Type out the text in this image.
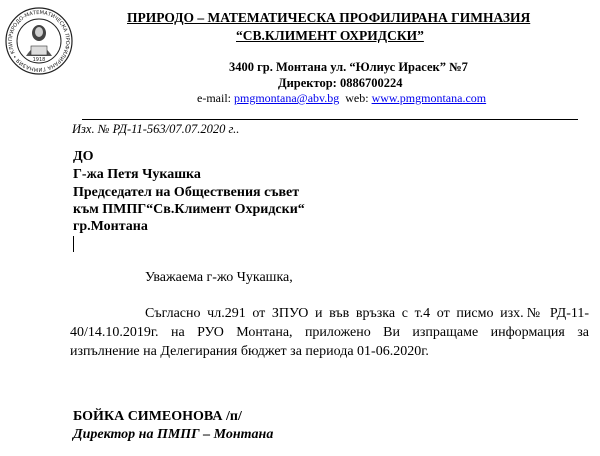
ПРИРОДО-МАТЕМАТИЧЕСКА ПРОФИЛИРАНА ГИМНАЗИЯ • КЛИ
1918
ПРИРОДО – МАТЕМАТИЧЕСКА ПРОФИЛИРАНА ГИМНАЗИЯ
“СВ.КЛИМЕНТ ОХРИДСКИ”
3400 гр. Монтана ул. “Юлиус Ирасек” №7
Директор: 0886700224
e-mail: pmgmontana@abv.bg  web: www.pmgmontana.com
Изх. № РД-11-563/07.07.2020 г..
ДО
Г-жа Петя Чукашка
Председател на Обществения съвет
към ПМПГ“Св.Климент Охридски“
гр.Монтана
Уважаема г-жо Чукашка,
Съгласно чл.291 от ЗПУО и във връзка с т.4 от писмо изх.№ РД-11-40/14.10.2019г. на РУО Монтана, приложено Ви изпращаме информация за изпълнение на Делегирания бюджет за периода 01-06.2020г.
БОЙКА СИМЕОНОВА /п/
Директор на ПМПГ – Монтана
